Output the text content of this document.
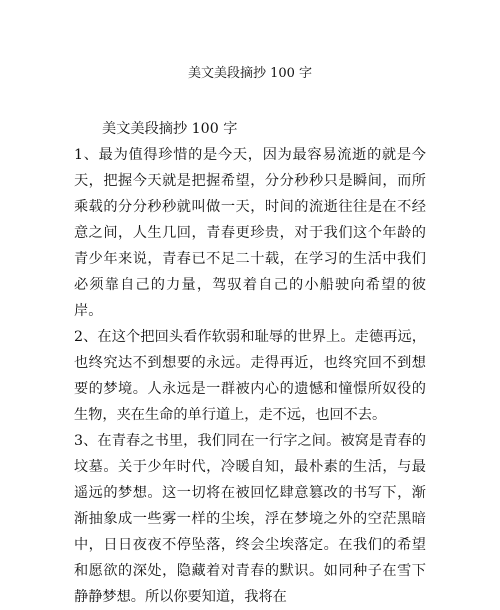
美文美段摘抄 100 字

美文美段摘抄 100 字

1、最为值得珍惜的是今天，因为最容易流逝的就是今天，把握今天就是把握希望，分分秒秒只是瞬间，而所乘载的分分秒秒就叫做一天，时间的流逝往往是在不经意之间，人生几回，青春更珍贵，对于我们这个年龄的青少年来说，青春已不足二十载，在学习的生活中我们必须靠自己的力量，驾驭着自己的小船驶向希望的彼岸。

2、在这个把回头看作软弱和耻辱的世界上。走德再远，也终究达不到想要的永远。走得再近，也终究回不到想要的梦境。人永远是一群被内心的遗憾和憧憬所奴役的生物，夹在生命的单行道上，走不远，也回不去。

3、在青春之书里，我们同在一行字之间。被窝是青春的坟墓。关于少年时代，冷暖自知，最朴素的生活，与最遥远的梦想。这一切将在被回忆肆意篡改的书写下，渐渐抽象成一些雾一样的尘埃，浮在梦境之外的空茫黑暗中，日日夜夜不停坠落，终会尘埃落定。在我们的希望和愿欲的深处，隐藏着对青春的默识。如同种子在雪下静静梦想。所以你要知道，我将在
